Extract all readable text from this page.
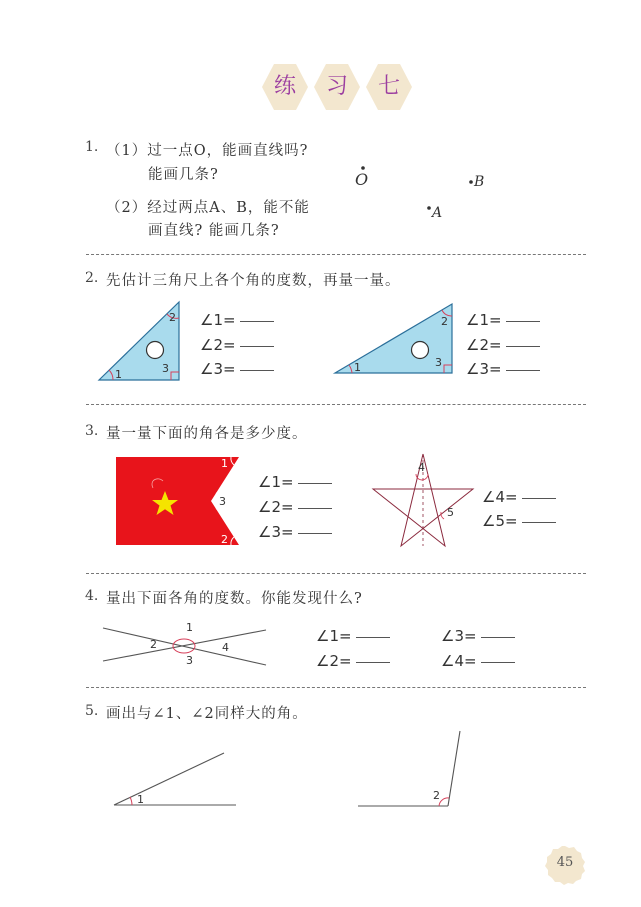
练	习	七
1. （1）过一点O，能画直线吗?
能画几条?
（2）经过两点A、B，能不能
画直线? 能画几条?
O	B
A
2. 先估计三角尺上各个角的度数，再量一量。
1
2
3
∠1=
∠2=
∠3=	1
2
3
∠1=
∠2=
∠3=
3. 量一量下面的角各是多少度。
1
2
3
∠1=
∠2=
∠3=
4
5
∠4=
∠5=
4. 量出下面各角的度数。你能发现什么?
1
2
3
4
∠1=
∠2=
∠3=
∠4=
5. 画出与∠1、∠2同样大的角。
1	2
45
